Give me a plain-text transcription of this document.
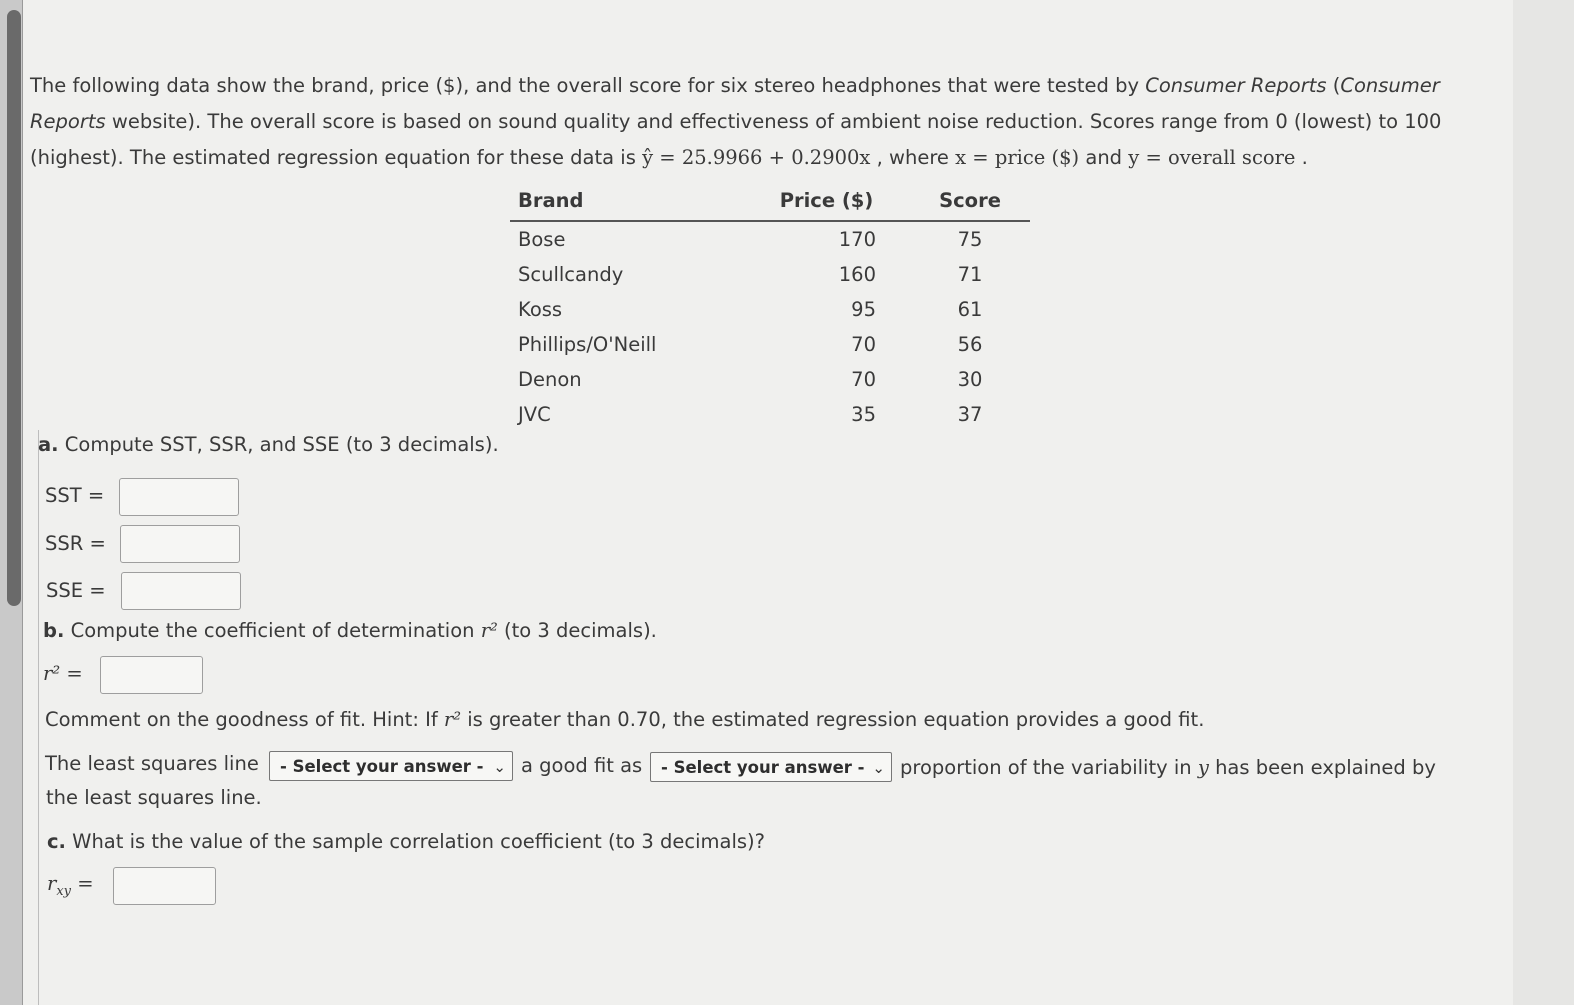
The following data show the brand, price ($), and the overall score for six stereo headphones that were tested by Consumer Reports (Consumer Reports website). The overall score is based on sound quality and effectiveness of ambient noise reduction. Scores range from 0 (lowest) to 100 (highest). The estimated regression equation for these data is ŷ = 25.9966 + 0.2900x , where x = price ($) and y = overall score .
Brand	Price ($)	Score
Bose	170	75
Scullcandy	160	71
Koss	95	61
Phillips/O'Neill	70	56
Denon	70	30
JVC	35	37
a. Compute SST, SSR, and SSE (to 3 decimals).
SST =
SSR =
SSE =
b. Compute the coefficient of determination r² (to 3 decimals).
r² =
Comment on the goodness of fit. Hint: If r² is greater than 0.70, the estimated regression equation provides a good fit.
The least squares line	- Select your answer - ⌄ a good fit as	- Select your answer - ⌄ proportion of the variability in y has been explained by
the least squares line.
c. What is the value of the sample correlation coefficient (to 3 decimals)?
$r_{xy}$ =
